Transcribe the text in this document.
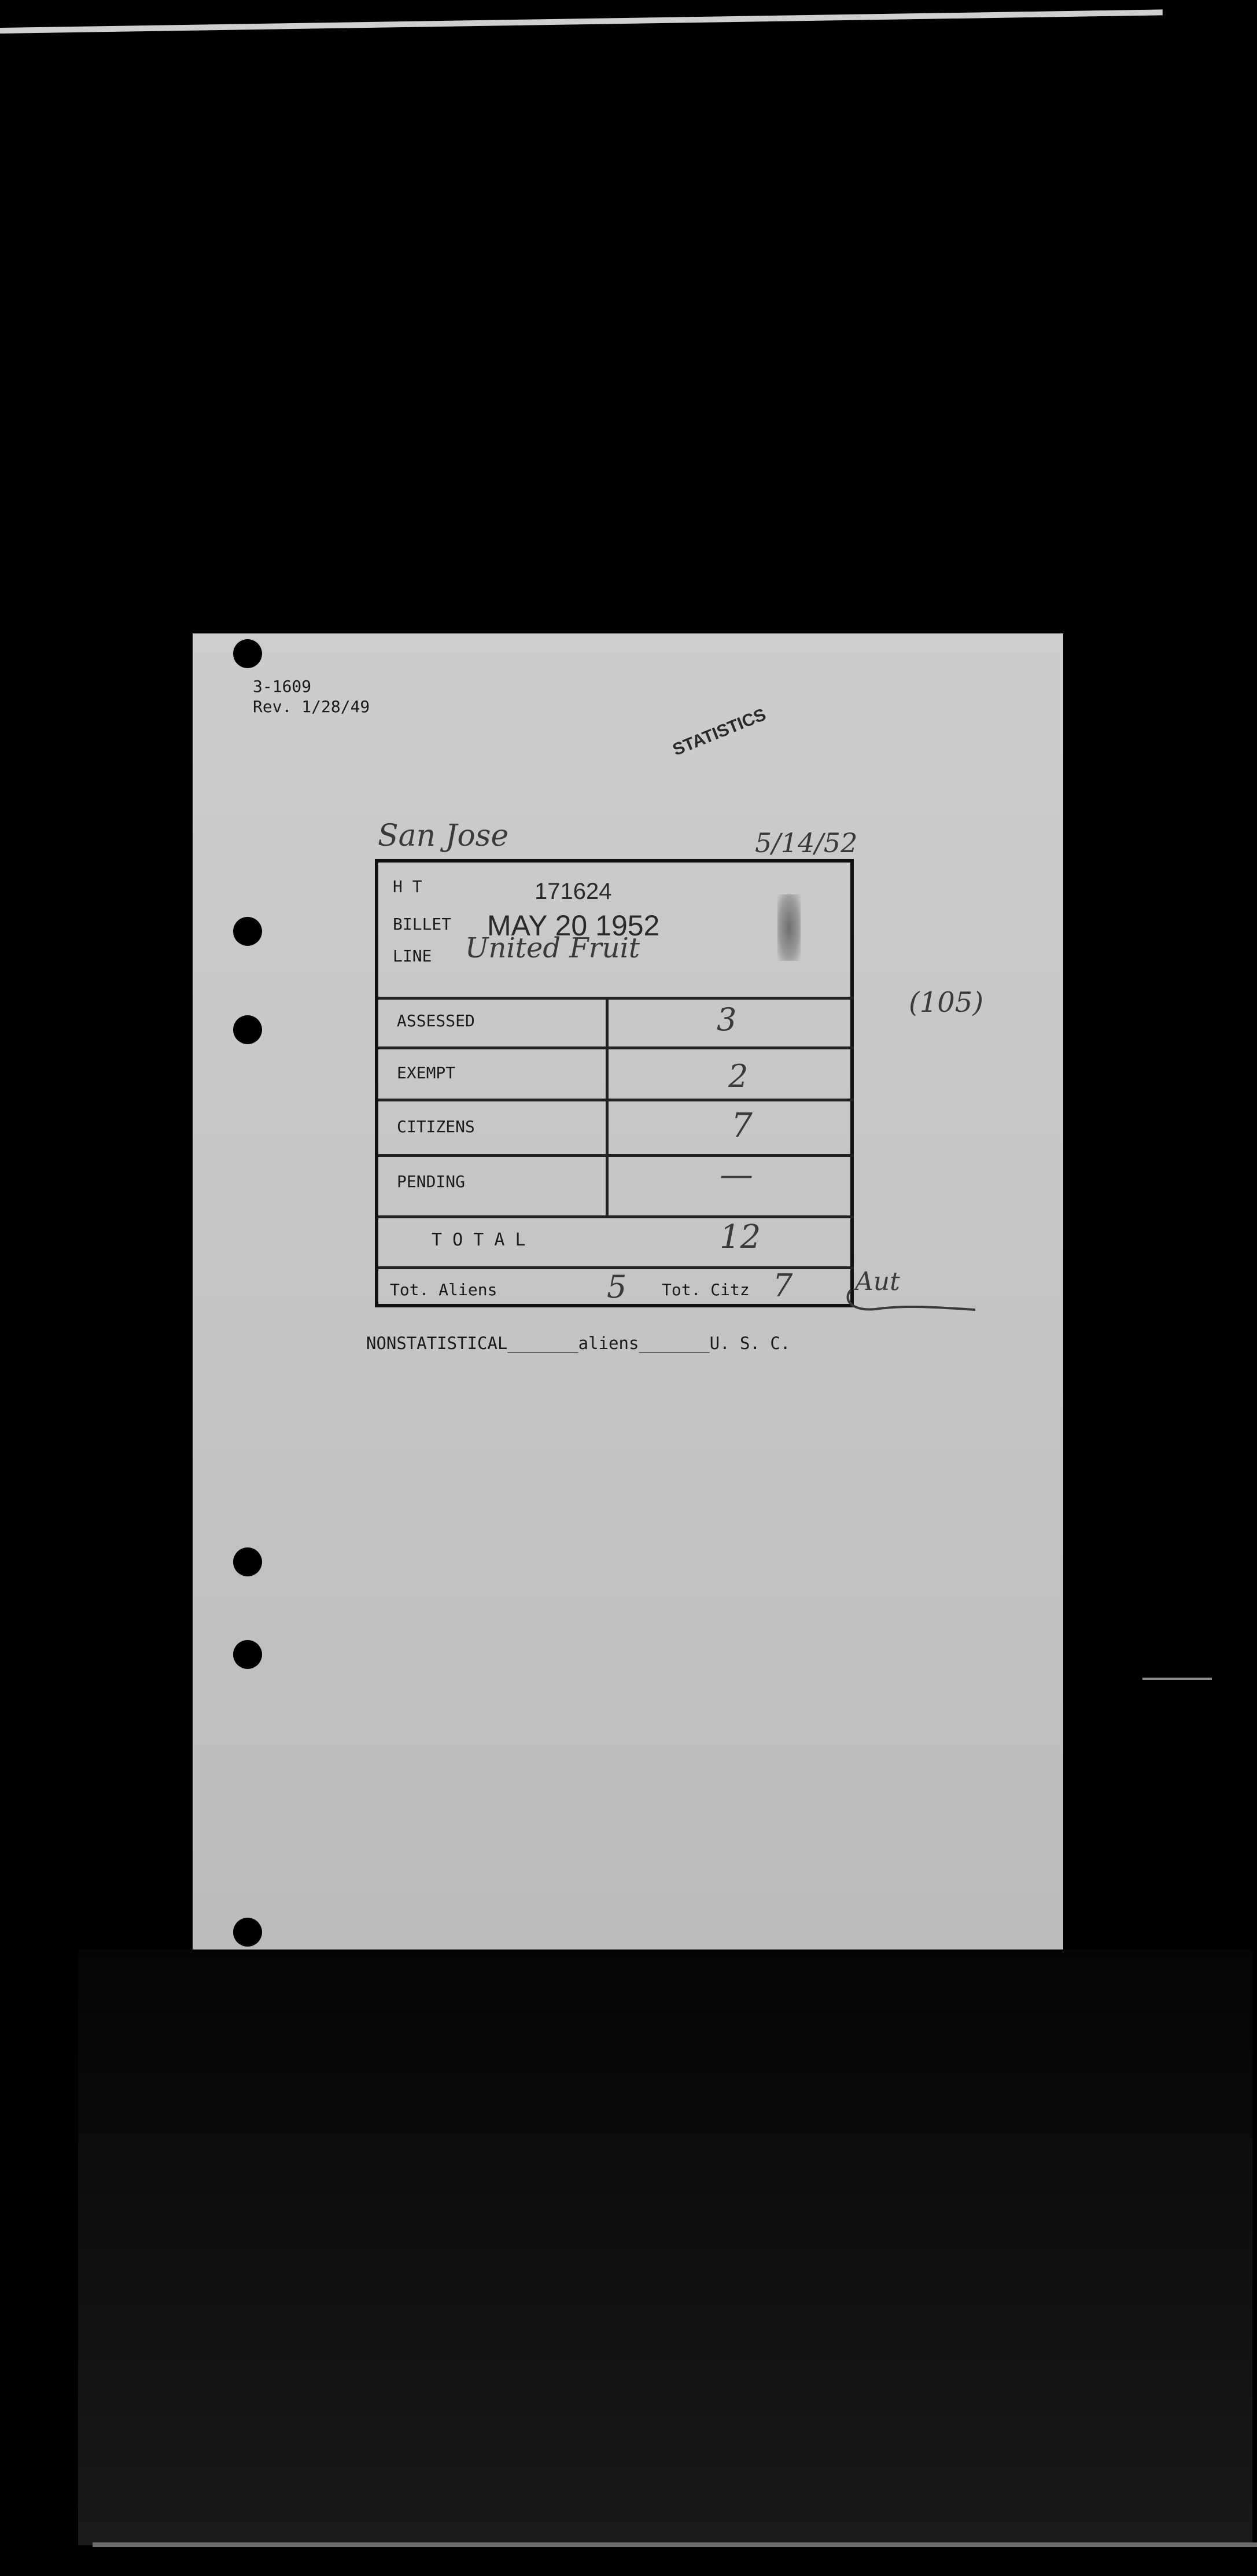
3-1609
Rev. 1/28/49	STATISTICS
San Jose	5/14/52
H T	171624
BILLET MAY 20 1952
LINE United Fruit
ASSESSED	3
EXEMPT	2
CITIZENS	7
PENDING	—
T O T A L	12
Tot. Aliens	5 Tot. Citz 7
(105)
Aut
NONSTATISTICAL_______aliens_______U. S. C.
